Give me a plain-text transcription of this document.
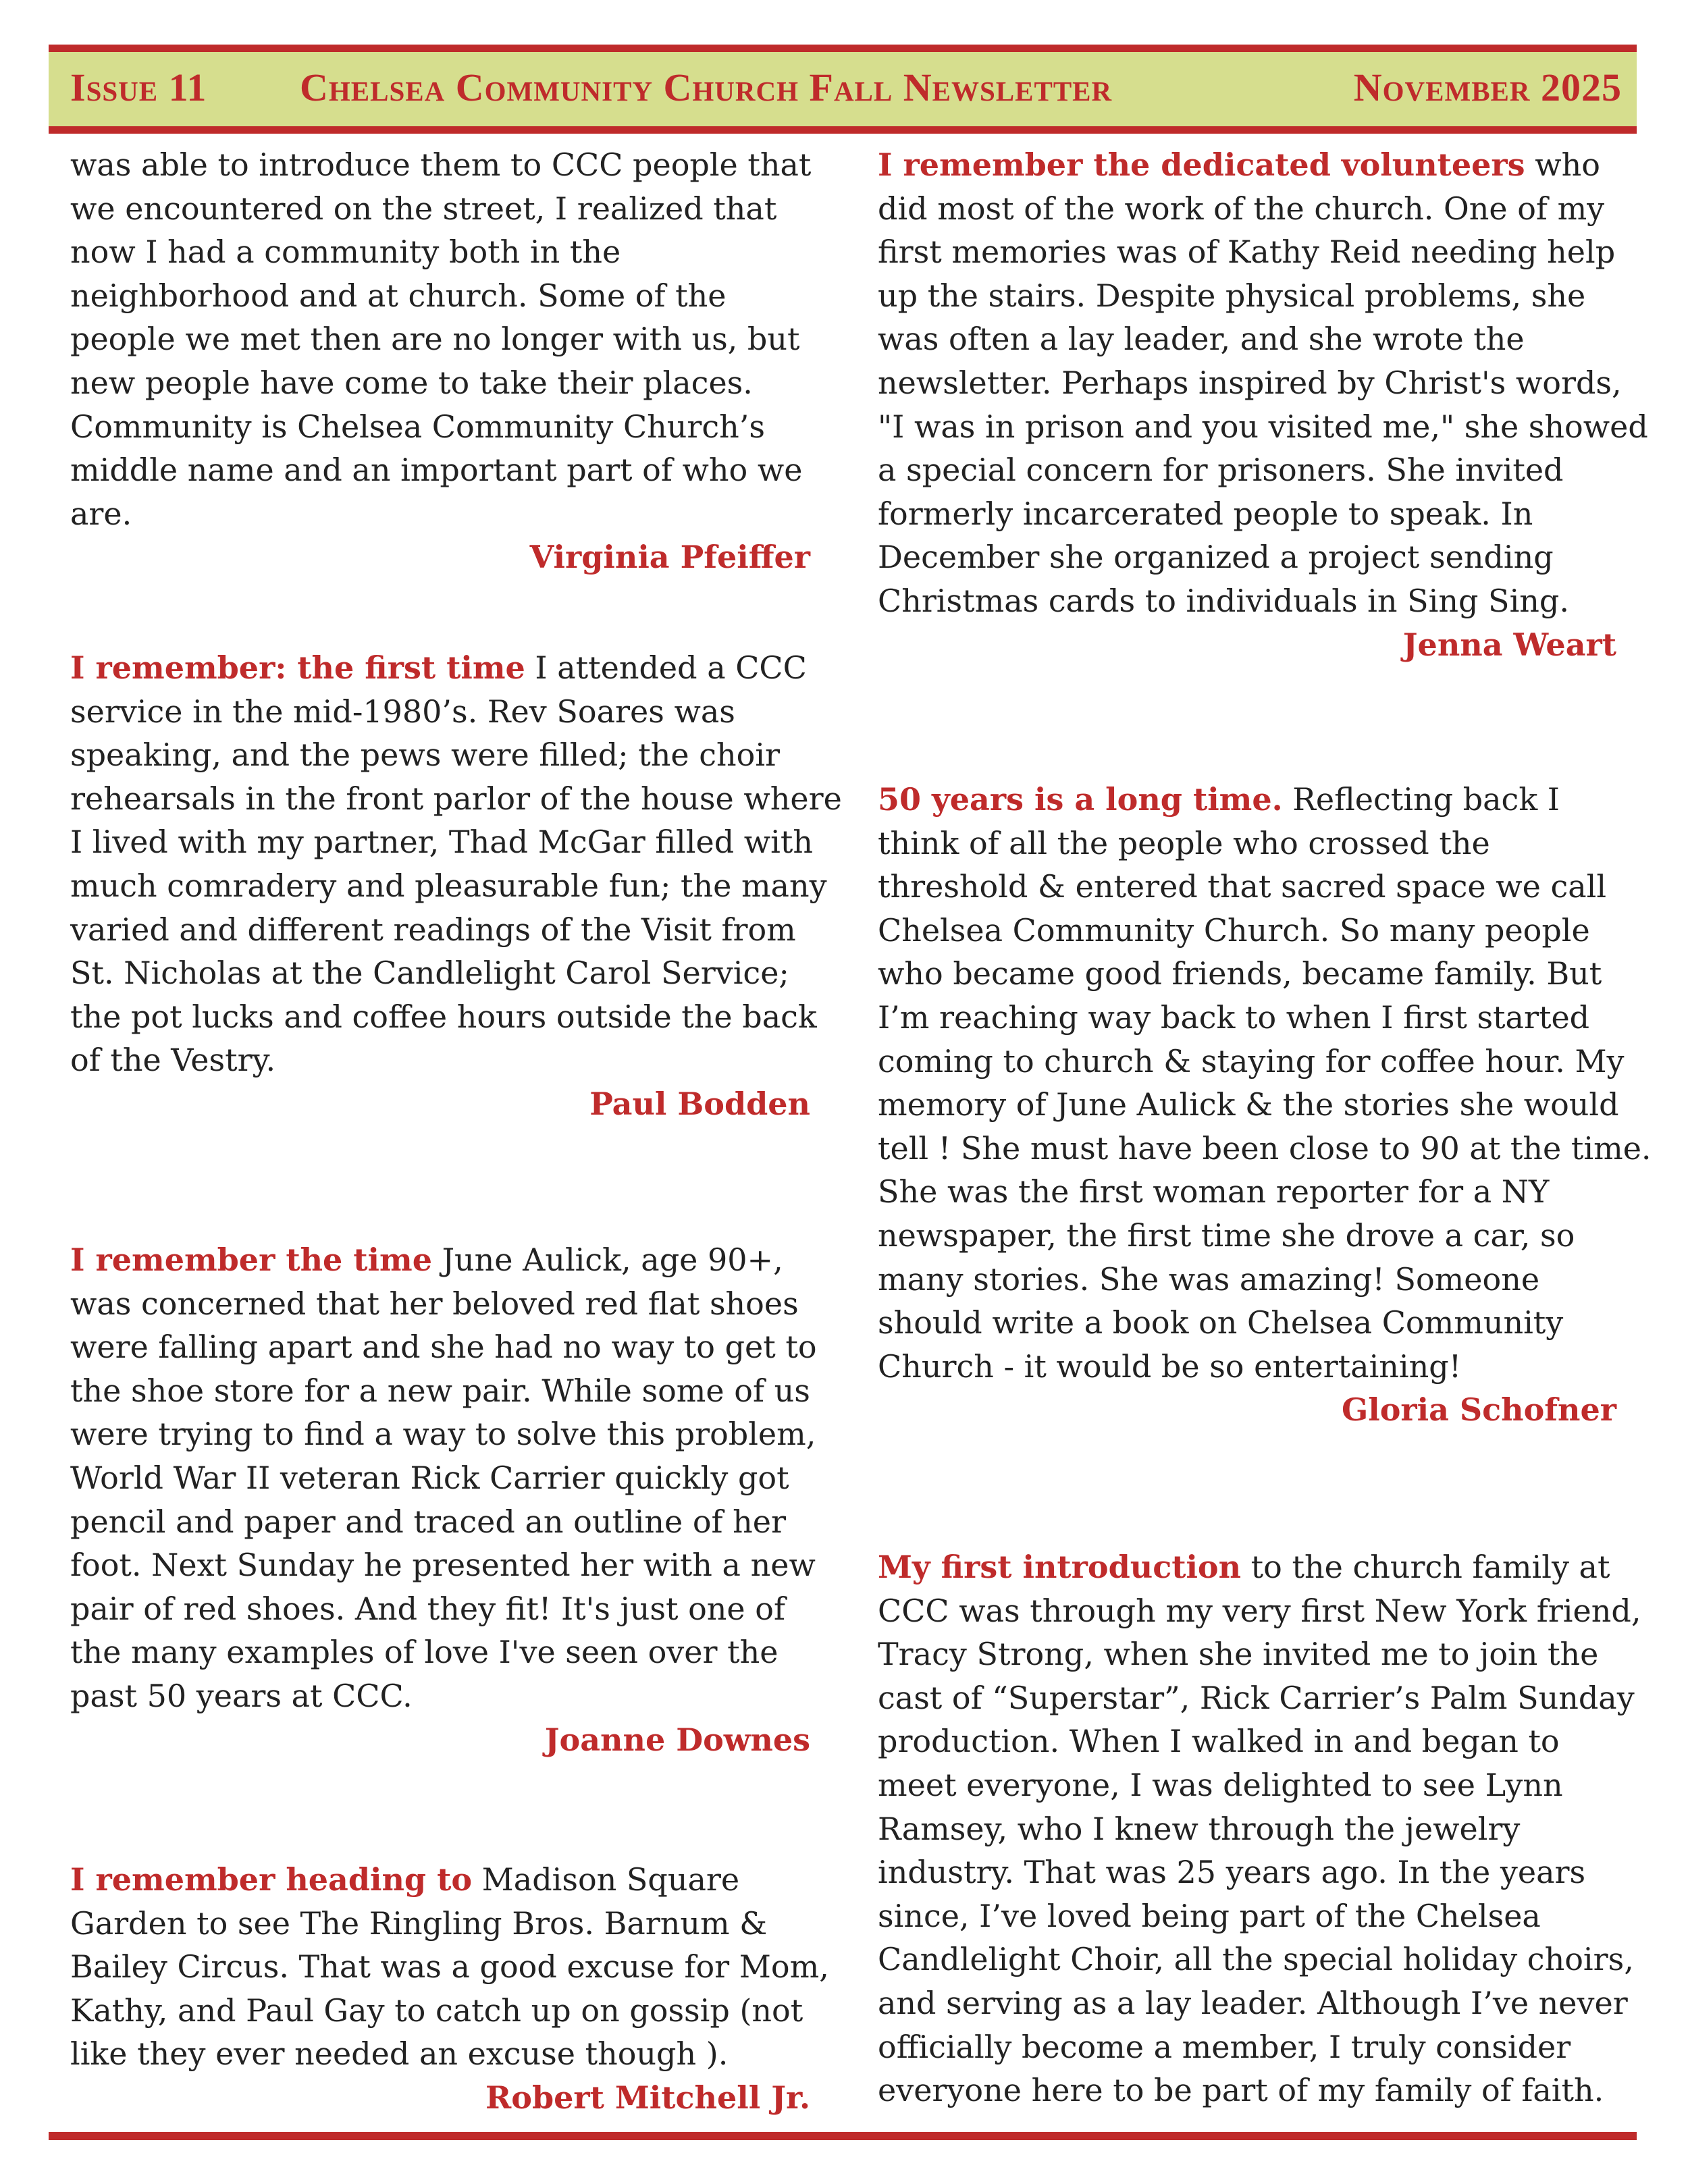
Issue 11 Chelsea Community Church Fall Newsletter	November 2025

was able to introduce them to CCC people that

we encountered on the street, I realized that

now I had a community both in the

neighborhood and at church. Some of the

people we met then are no longer with us, but

new people have come to take their places.

Community is Chelsea Community Church’s

middle name and an important part of who we

are.

Virginia Pfeiffer

I remember: the first time I attended a CCC

service in the mid-1980’s. Rev Soares was

speaking, and the pews were filled; the choir

rehearsals in the front parlor of the house where

I lived with my partner, Thad McGar filled with

much comradery and pleasurable fun; the many

varied and different readings of the Visit from

St. Nicholas at the Candlelight Carol Service;

the pot lucks and coffee hours outside the back

of the Vestry.

Paul Bodden

I remember the time June Aulick, age 90+,

was concerned that her beloved red flat shoes

were falling apart and she had no way to get to

the shoe store for a new pair. While some of us

were trying to find a way to solve this problem,

World War II veteran Rick Carrier quickly got

pencil and paper and traced an outline of her

foot. Next Sunday he presented her with a new

pair of red shoes. And they fit! It's just one of

the many examples of love I've seen over the

past 50 years at CCC.

Joanne Downes

I remember heading to Madison Square

Garden to see The Ringling Bros. Barnum &

Bailey Circus. That was a good excuse for Mom,

Kathy, and Paul Gay to catch up on gossip (not

like they ever needed an excuse though ).

Robert Mitchell Jr.

I remember the dedicated volunteers who

did most of the work of the church. One of my

first memories was of Kathy Reid needing help

up the stairs. Despite physical problems, she

was often a lay leader, and she wrote the

newsletter. Perhaps inspired by Christ's words,

"I was in prison and you visited me," she showed

a special concern for prisoners. She invited

formerly incarcerated people to speak. In

December she organized a project sending

Christmas cards to individuals in Sing Sing.

Jenna Weart

50 years is a long time. Reflecting back I

think of all the people who crossed the

threshold & entered that sacred space we call

Chelsea Community Church. So many people

who became good friends, became family. But

I’m reaching way back to when I first started

coming to church & staying for coffee hour. My

memory of June Aulick & the stories she would

tell ! She must have been close to 90 at the time.

She was the first woman reporter for a NY

newspaper, the first time she drove a car, so

many stories. She was amazing! Someone

should write a book on Chelsea Community

Church - it would be so entertaining!

Gloria Schofner

My first introduction to the church family at

CCC was through my very first New York friend,

Tracy Strong, when she invited me to join the

cast of “Superstar”, Rick Carrier’s Palm Sunday

production. When I walked in and began to

meet everyone, I was delighted to see Lynn

Ramsey, who I knew through the jewelry

industry. That was 25 years ago. In the years

since, I’ve loved being part of the Chelsea

Candlelight Choir, all the special holiday choirs,

and serving as a lay leader. Although I’ve never

officially become a member, I truly consider

everyone here to be part of my family of faith.
